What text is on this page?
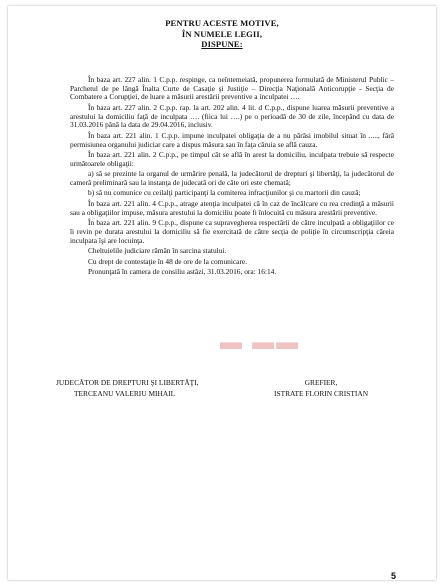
PENTRU ACESTE MOTIVE,
ÎN NUMELE LEGII,
DISPUNE:

În baza art. 227 alin. 1 C.p.p. respinge, ca neîntemeiată, propunerea formulată de Ministerul Public – Parchetul de pe lângă Înalta Curte de Casaţie şi Justiţie – Direcţia Naţională Anticorupţie - Secţia de Combatere a Corupţiei, de luare a măsurii arestării preventive a inculpatei ….

În baza art. 227 alin. 2 C.p.p. rap. la art. 202 alin. 4 lit. d C.p.p., dispune luarea măsurii preventive a arestului la domiciliu faţă de inculpata …. (fiica lui ….) pe o perioadă de 30 de zile, începând cu data de 31.03.2016 până la data de 29.04.2016, inclusiv.

În baza art. 221 alin. 1 C.p.p. impune inculpatei obligaţia de a nu părăsi imobilul situat în ....., fără permisiunea organului judiciar care a dispus măsura sau în faţa căruia se află cauza.

În baza art. 221 alin. 2 C.p.p., pe timpul cât se află în arest la domiciliu, inculpata trebuie să respecte următoarele obligaţii:

a) să se prezinte la organul de urmărire penală, la judecătorul de drepturi şi libertăţi, la judecătorul de cameră preliminară sau la instanţa de judecată ori de câte ori este chemată;

b) să nu comunice cu ceilalţi participanţi la comiterea infracţiunilor şi cu martorii din cauză;

În baza art. 221 alin. 4 C.p.p., atrage atenţia inculpatei că în caz de încălcare cu rea credinţă a măsurii sau a obligaţiilor impuse, măsura arestului la domiciliu poate fi înlocuită cu măsura arestării preventive.

În baza art. 221 alin. 9 C.p.p., dispune ca supravegherea respectării de către inculpată a obligaţiilor ce îi revin pe durata arestului la domiciliu să fie exercitată de către secţia de poliţie în circumscripţia căreia inculpata îşi are locuinţa.

Cheltuielile judiciare rămân în sarcina statului.

Cu drept de contestaţie în 48 de ore de la comunicare.

Pronunţată în camera de consiliu astăzi, 31.03.2016, ora: 16:14.

▬ ▬▬
JUDECĂTOR DE DREPTURI ŞI LIBERTĂŢI,
TERCEANU VALERIU MIHAIL
GREFIER,
ISTRATE FLORIN CRISTIAN
5
